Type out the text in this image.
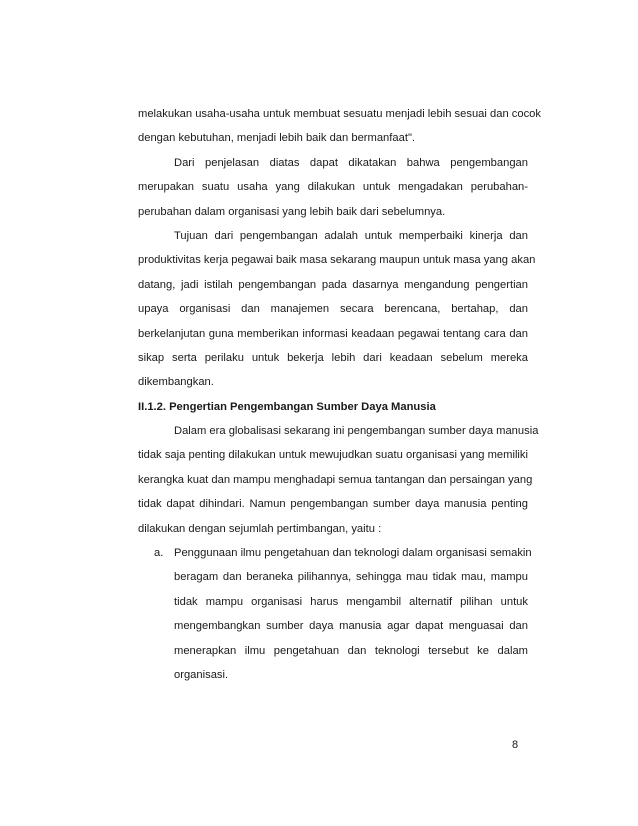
melakukan usaha-usaha untuk membuat sesuatu menjadi lebih sesuai dan cocok
dengan kebutuhan, menjadi lebih baik dan bermanfaat".
Dari penjelasan diatas dapat dikatakan bahwa pengembangan
merupakan suatu usaha yang dilakukan untuk mengadakan perubahan-
perubahan dalam organisasi yang lebih baik dari sebelumnya.
Tujuan dari pengembangan adalah untuk memperbaiki kinerja dan
produktivitas kerja pegawai baik masa sekarang maupun untuk masa yang akan
datang, jadi istilah pengembangan pada dasarnya mengandung pengertian
upaya organisasi dan manajemen secara berencana, bertahap, dan
berkelanjutan guna memberikan informasi keadaan pegawai tentang cara dan
sikap serta perilaku untuk bekerja lebih dari keadaan sebelum mereka
dikembangkan.
II.1.2. Pengertian Pengembangan Sumber Daya Manusia
Dalam era globalisasi sekarang ini pengembangan sumber daya manusia
tidak saja penting dilakukan untuk mewujudkan suatu organisasi yang memiliki
kerangka kuat dan mampu menghadapi semua tantangan dan persaingan yang
tidak dapat dihindari. Namun pengembangan sumber daya manusia penting
dilakukan dengan sejumlah pertimbangan, yaitu :
a. Penggunaan ilmu pengetahuan dan teknologi dalam organisasi semakin
beragam dan beraneka pilihannya, sehingga mau tidak mau, mampu
tidak mampu organisasi harus mengambil alternatif pilihan untuk
mengembangkan sumber daya manusia agar dapat menguasai dan
menerapkan ilmu pengetahuan dan teknologi tersebut ke dalam
organisasi.
8
